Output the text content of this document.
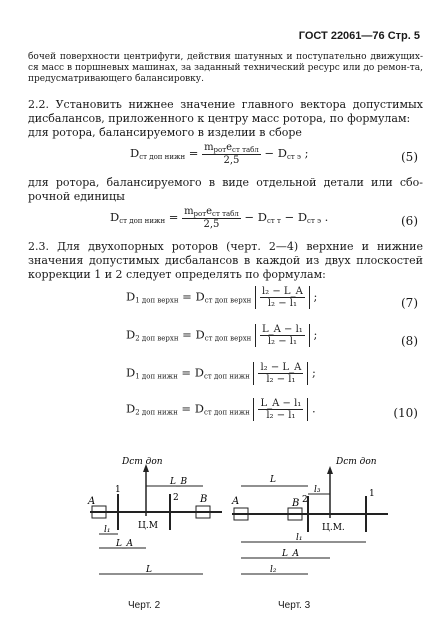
ГОСТ 22061—76 Стр. 5
бочей поверхности центрифуги, действия шатунных и поступательно движущих-ся масс в поршневых машинах, за заданный технический ресурс или до ремон-та, предусматривающего балансировку.
2.2. Установить нижнее значение главного вектора допустимых дисбалансов, приложенного к центру масс ротора, по формулам:
для ротора, балансируемого в изделии в сборе
$D_{ст доп нижн} = \frac{m_{рот}e_{ст табл}}{2,5} - D_{ст э}$ ;	(5)
для ротора, балансируемого в виде отдельной детали или сбо-рочной единицы
$D_{ст доп нижн} = \frac{m_{рот}e_{ст табл}}{2,5} - D_{ст т} - D_{ст э}$ .	(6)
2.3. Для двухопорных роторов (черт. 2—4) верхние и нижние значения допустимых дисбалансов в каждой из двух плоскостей коррекции 1 и 2 следует определять по формулам:
$D_{1 доп верхн} = D_{ст доп верхн} \frac{\text{l₂ − L\_A}}{\text{l₂ − l₁}}$ ;	(7)
$D_{2 доп верхн} = D_{ст доп верхн} \frac{\text{L\_A − l₁}}{\text{l₂ − l₁}}$ ;	(8)
$D_{1 доп нижн} = D_{ст доп нижн} \frac{\text{l₂ − L\_A}}{\text{l₂ − l₁}}$ ;
$D_{2 доп нижн} = D_{ст доп нижн} \frac{\text{L\_A − l₁}}{\text{l₂ − l₁}}$ .	(10)
Dст доп
A	B
1
2
Ц.М
l₁
L_A
L_B
L
Черт. 2
Dст доп
A	B
1
2
Ц.М.
L
l₃
l₁
L_A
l₂
Черт. 3
